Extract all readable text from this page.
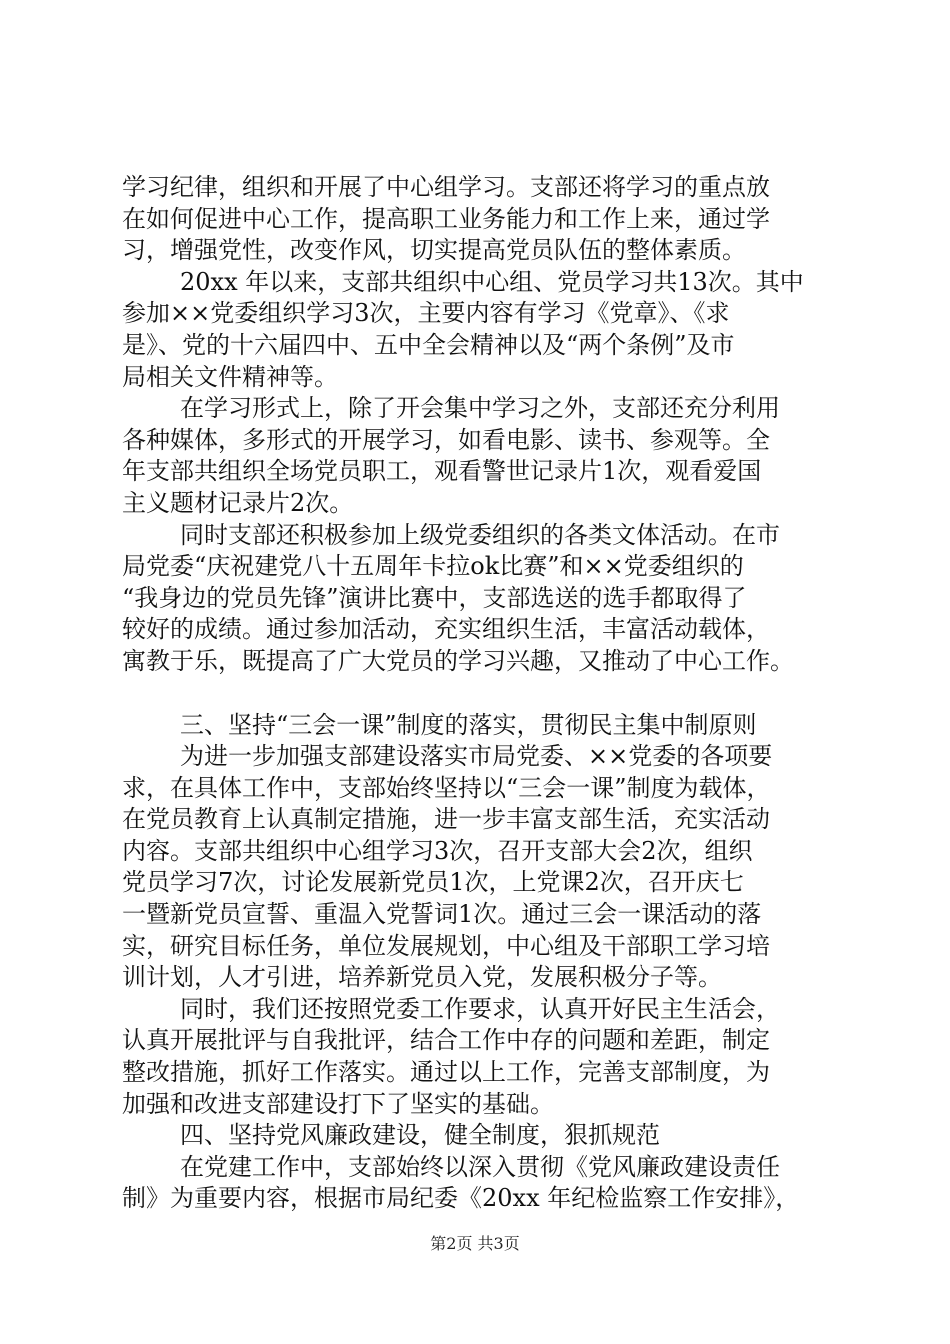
学习纪律，组织和开展了中心组学习。支部还将学习的重点放
在如何促进中心工作，提高职工业务能力和工作上来，通过学
习，增强党性，改变作风，切实提高党员队伍的整体素质。
20xx 年以来，支部共组织中心组、党员学习共13次。其中
参加××党委组织学习3次，主要内容有学习《党章》、《求
是》、党的十六届四中、五中全会精神以及“两个条例”及市
局相关文件精神等。
在学习形式上，除了开会集中学习之外，支部还充分利用
各种媒体，多形式的开展学习，如看电影、读书、参观等。全
年支部共组织全场党员职工，观看警世记录片1次，观看爱国
主义题材记录片2次。
同时支部还积极参加上级党委组织的各类文体活动。在市
局党委“庆祝建党八十五周年卡拉ok比赛”和××党委组织的
“我身边的党员先锋”演讲比赛中，支部选送的选手都取得了
较好的成绩。通过参加活动，充实组织生活，丰富活动载体，
寓教于乐，既提高了广大党员的学习兴趣，又推动了中心工作。
三、坚持“三会一课”制度的落实，贯彻民主集中制原则
为进一步加强支部建设落实市局党委、××党委的各项要
求，在具体工作中，支部始终坚持以“三会一课”制度为载体，
在党员教育上认真制定措施，进一步丰富支部生活，充实活动
内容。支部共组织中心组学习3次，召开支部大会2次，组织
党员学习7次，讨论发展新党员1次，上党课2次，召开庆七
一暨新党员宣誓、重温入党誓词1次。通过三会一课活动的落
实，研究目标任务，单位发展规划，中心组及干部职工学习培
训计划，人才引进，培养新党员入党，发展积极分子等。
同时，我们还按照党委工作要求，认真开好民主生活会，
认真开展批评与自我批评，结合工作中存的问题和差距，制定
整改措施，抓好工作落实。通过以上工作，完善支部制度，为
加强和改进支部建设打下了坚实的基础。
四、坚持党风廉政建设，健全制度，狠抓规范
在党建工作中，支部始终以深入贯彻《党风廉政建设责任
制》为重要内容，根据市局纪委《20xx 年纪检监察工作安排》，
第2页 共3页
